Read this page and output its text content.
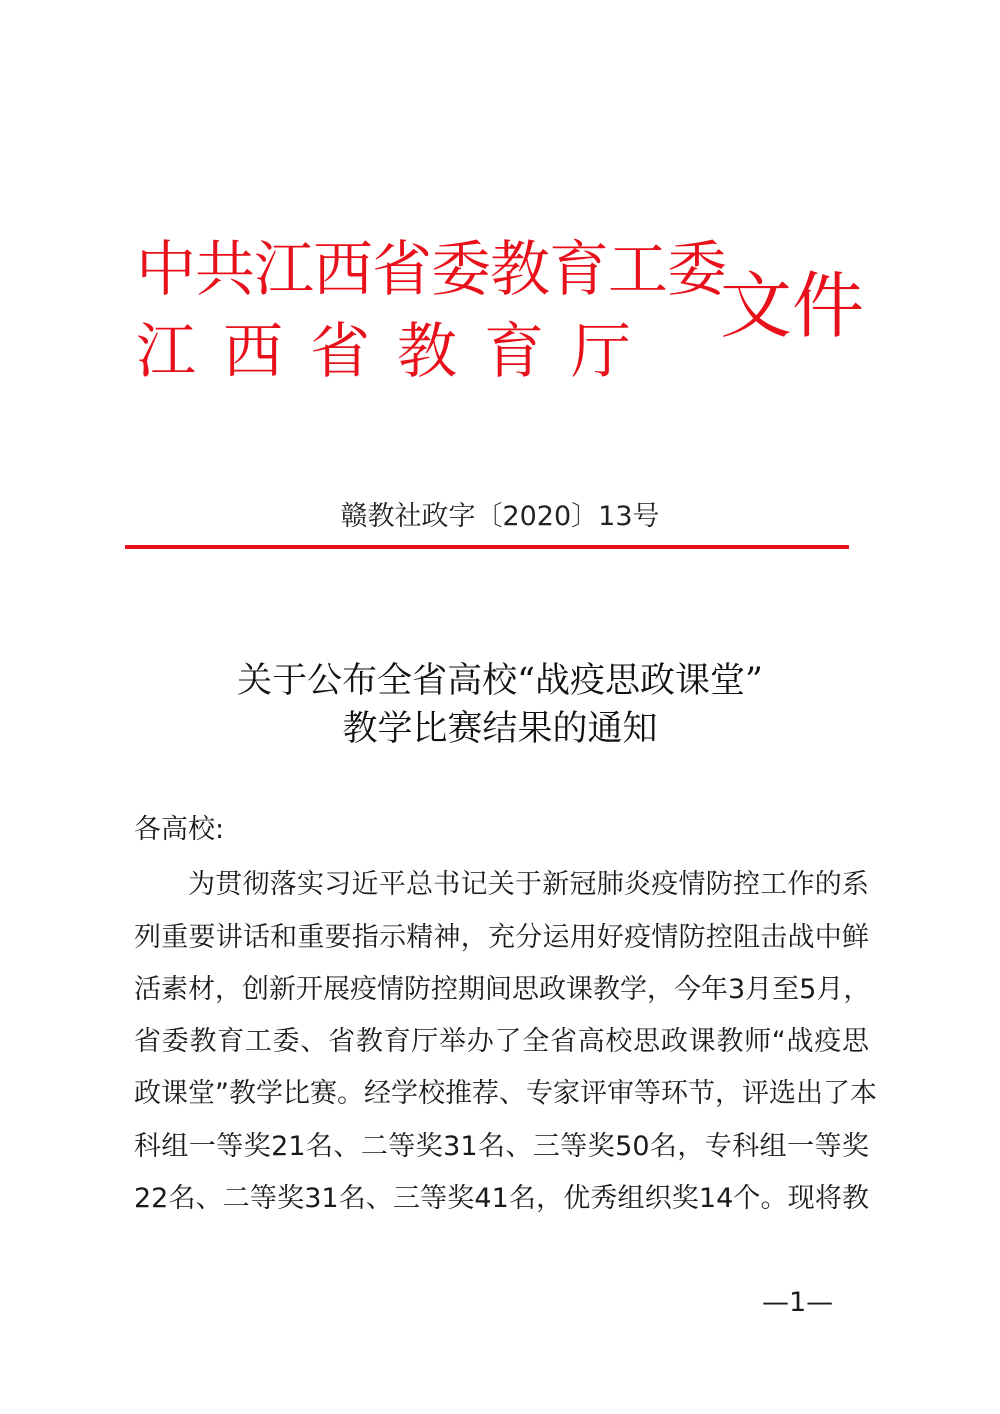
中共江西省委教育工委
江西省教育厅
文件
赣教社政字〔2020〕13号
关于公布全省高校“战疫思政课堂”
教学比赛结果的通知
各高校:
为贯彻落实习近平总书记关于新冠肺炎疫情防控工作的系
列重要讲话和重要指示精神，充分运用好疫情防控阻击战中鲜
活素材，创新开展疫情防控期间思政课教学，今年3月至5月，
省委教育工委、省教育厅举办了全省高校思政课教师“战疫思
政课堂”教学比赛。经学校推荐、专家评审等环节，评选出了本
科组一等奖21名、二等奖31名、三等奖50名，专科组一等奖
22名、二等奖31名、三等奖41名，优秀组织奖14个。现将教
—1—
